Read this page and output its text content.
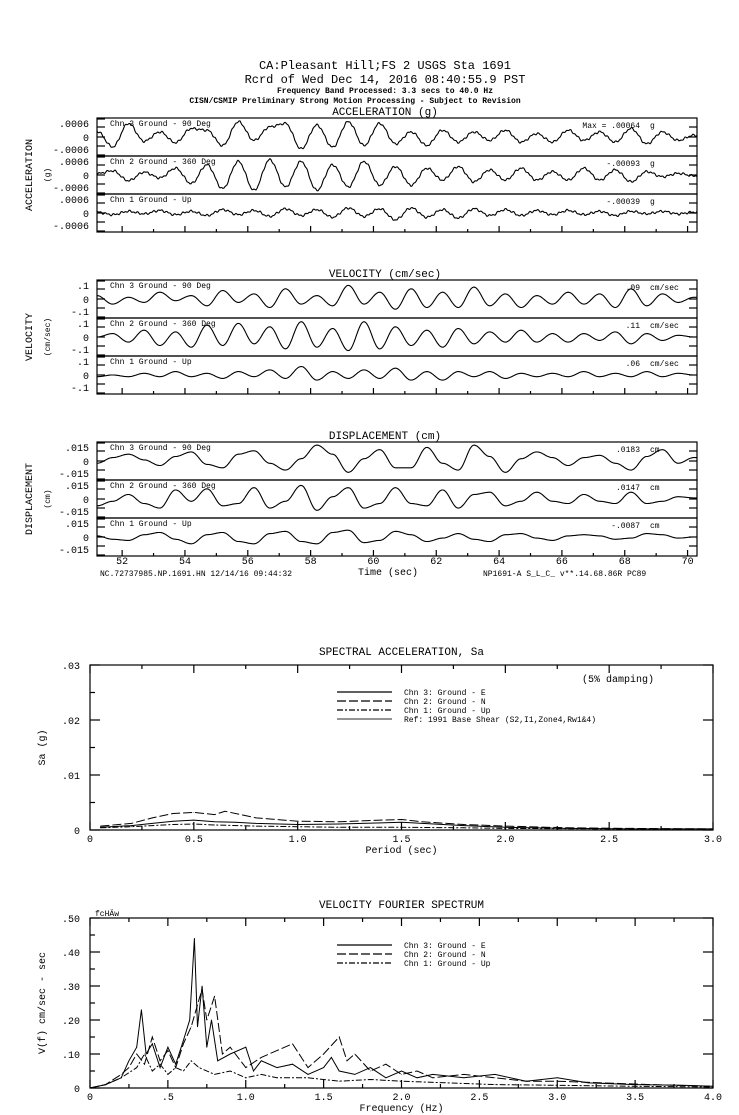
CA:Pleasant Hill;FS 2 USGS Sta 1691
Rcrd of Wed Dec 14, 2016 08:40:55.9 PST
Frequency Band Processed: 3.3 secs to 40.0 Hz
CISN/CSMIP Preliminary Strong Motion Processing - Subject to Revision
ACCELERATION (g)
ACCELERATION (g)
.0006
0
-.0006
Chn 3 Ground - 90 Deg	Max = .00064 g
.0006
0
-.0006
Chn 2 Ground - 360 Deg	-.00093 g
.0006
0
-.0006
Chn 1 Ground - Up	-.00039 g
VELOCITY (cm/sec)
VELOCITY (cm/sec)
.1
0
-.1
Chn 3 Ground - 90 Deg	.09 cm/sec
.1
0
-.1
Chn 2 Ground - 360 Deg	.11 cm/sec
.1
0
-.1
Chn 1 Ground - Up	.06 cm/sec
DISPLACEMENT (cm)
DISPLACEMENT (cm)
.015
0
-.015
Chn 3 Ground - 90 Deg	.0183 cm
.015
0
-.015
Chn 2 Ground - 360 Deg	.0147 cm
.015
0
-.015
Chn 1 Ground - Up	-.0087 cm
52	54	56	58	60	62	64	66	68	70
Time (sec)
NC.72737985.NP.1691.HN 12/14/16 09:44:32	NP1691-A S_L_C_ v**.14.68.86R PC89
SPECTRAL ACCELERATION, Sa
0	0.5	1.0	1.5	2.0	2.5	3.0
0
.01
.02
.03
Period (sec)
Sa (g)
Chn 3: Ground - E
Chn 2: Ground - N
Chn 1: Ground - Up
Ref: 1991 Base Shear (S2,I1,Zone4,Rw1&4)
(5% damping)
VELOCITY FOURIER SPECTRUM
0	.5	1.0	1.5	2.0	2.5	3.0	3.5	4.0
0
.10
.20
.30
.40
.50
Frequency (Hz)
V(f) cm/sec - sec
Chn 3: Ground - E
Chn 2: Ground - N
Chn 1: Ground - Up
fcHÄw
